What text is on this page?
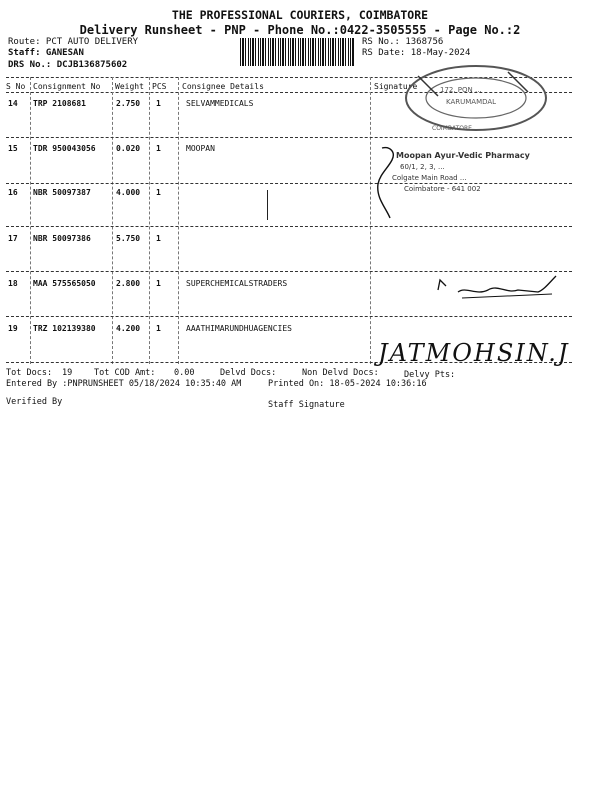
THE PROFESSIONAL COURIERS, COIMBATORE
Delivery Runsheet - PNP - Phone No.:0422-3505555 - Page No.:2
Route: PCT AUTO DELIVERY
Staff: GANESAN
DRS No.: DCJB136875602
RS No.: 1368756
RS Date: 18-May-2024
S No Consignment No Weight PCS Consignee Details	Signature
14 TRP 2108681	2.750 1	SELVAMMEDICALS
15 TDR 950043056	0.020 1	MOOPAN
16 NBR 50097387	4.000 1
17 NBR 50097386	5.750 1
18 MAA 575565050	2.800 1	SUPERCHEMICALSTRADERS
19 TRZ 102139380	4.200 1	AAATHIMARUNDHUAGENCIES
172, PON ...
KARUMAMDAL
COIMBATORE
Moopan Ayur-Vedic Pharmacy
60/1, 2, 3, ...
Colgate Main Road ...
Coimbatore - 641 002
JATMOHSIN.J
Tot Docs: 19	Tot COD Amt: 0.00	Delvd Docs:	Non Delvd Docs:	Delvy Pts:
Entered By :PNPRUNSHEET 05/18/2024 10:35:40 AM	Printed On: 18-05-2024 10:36:16
Verified By	Staff Signature
